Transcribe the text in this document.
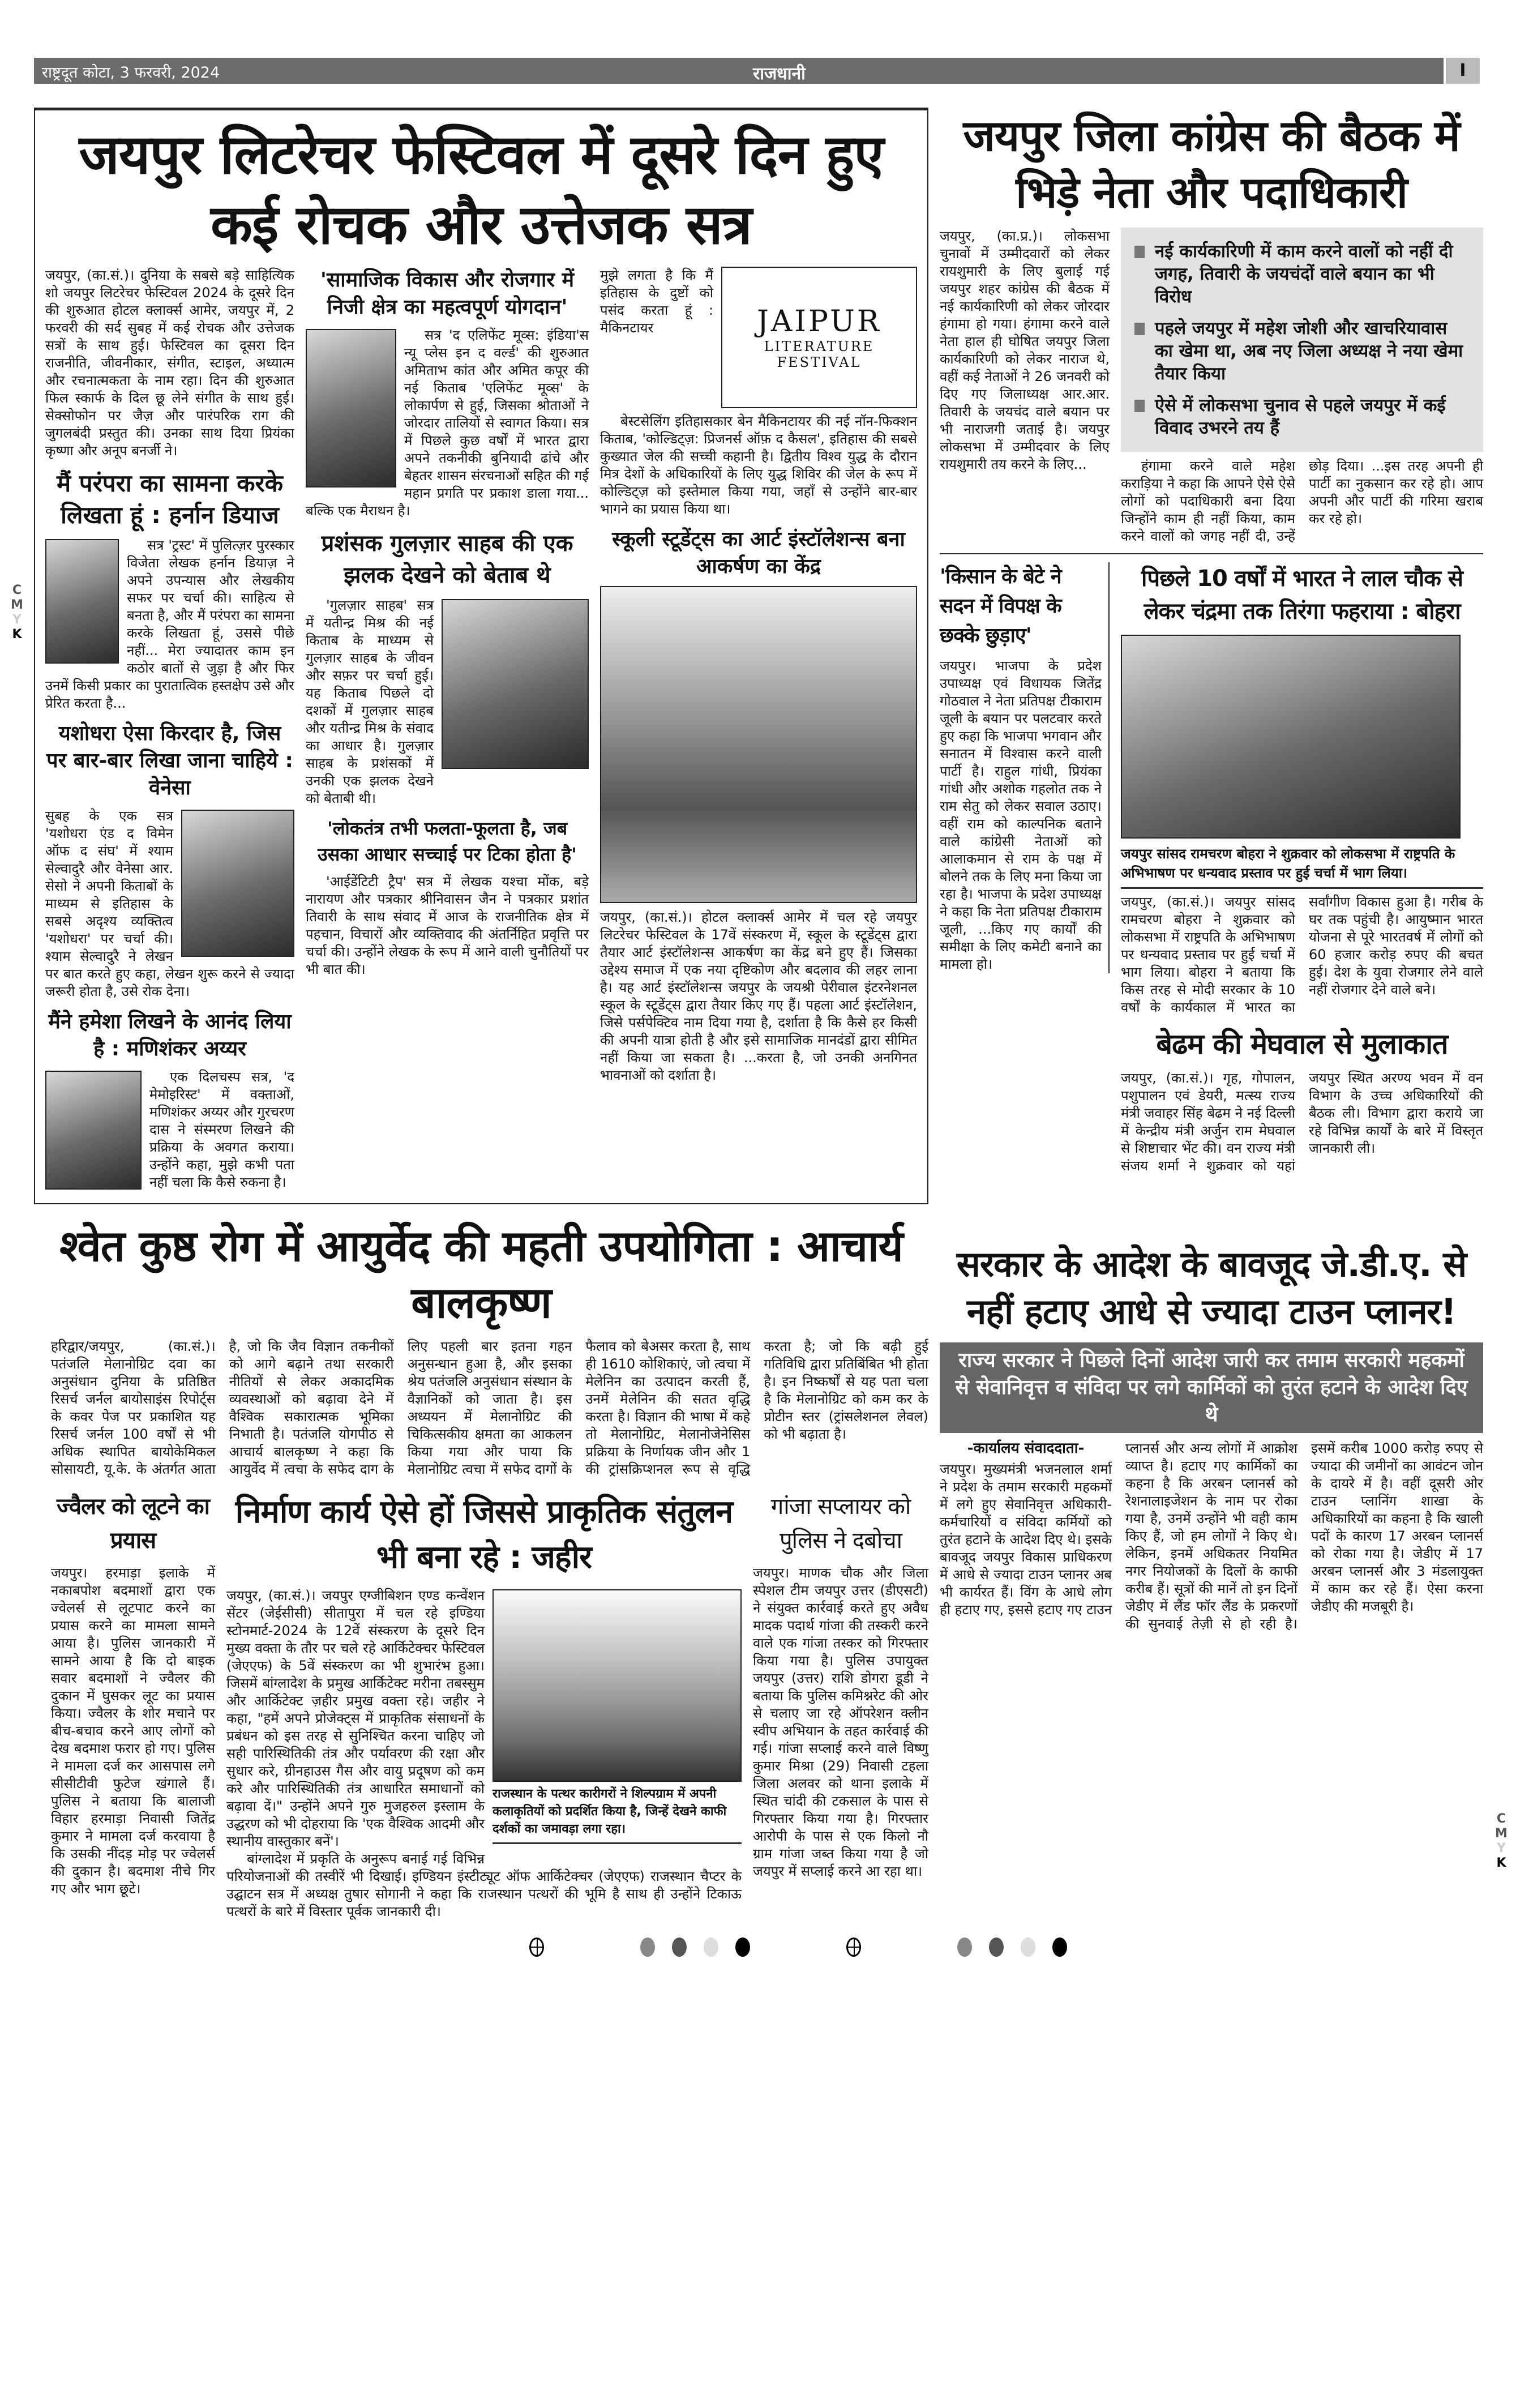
राष्ट्रदूत कोटा, 3 फरवरी, 2024	राजधानी	I
C
M
Y
K
C
M
Y
K
जयपुर लिटरेचर फेस्टिवल में दूसरे दिन हुए कई रोचक और उत्तेजक सत्र

जयपुर, (का.सं.)। दुनिया के सबसे बड़े साहित्यिक शो जयपुर लिटरेचर फेस्टिवल 2024 के दूसरे दिन की शुरुआत होटल क्लार्क्स आमेर, जयपुर में, 2 फरवरी की सर्द सुबह में कई रोचक और उत्तेजक सत्रों के साथ हुई। फेस्टिवल का दूसरा दिन राजनीति, जीवनीकार, संगीत, स्टाइल, अध्यात्म और रचनात्मकता के नाम रहा। दिन की शुरुआत फिल स्कार्फ के दिल छू लेने संगीत के साथ हुई। सेक्सोफोन पर जैज़ और पारंपरिक राग की जुगलबंदी प्रस्तुत की। उनका साथ दिया प्रियंका कृष्णा और अनूप बनर्जी ने।

मैं परंपरा का सामना करके लिखता हूं : हर्नान डियाज

सत्र 'ट्रस्ट' में पुलित्ज़र पुरस्कार विजेता लेखक हर्नान डियाज़ ने अपने उपन्यास और लेखकीय सफर पर चर्चा की। साहित्य से बनता है, और मैं परंपरा का सामना करके लिखता हूं, उससे पीछे नहीं... मेरा ज्यादातर काम इन कठोर बातों से जुड़ा है और फिर उनमें किसी प्रकार का पुरातात्विक हस्तक्षेप उसे और प्रेरित करता है...

यशोधरा ऐसा किरदार है, जिस पर बार-बार लिखा जाना चाहिये : वेनेसा

सुबह के एक सत्र 'यशोधरा एंड द विमेन ऑफ द संघ' में श्याम सेल्वादुरै और वेनेसा आर. सेसो ने अपनी किताबों के माध्यम से इतिहास के सबसे अदृश्य व्यक्तित्व 'यशोधरा' पर चर्चा की। श्याम सेल्वादुरै ने लेखन पर बात करते हुए कहा, लेखन शुरू करने से ज्यादा जरूरी होता है, उसे रोक देना।

मैंने हमेशा लिखने के आनंद लिया है : मणिशंकर अय्यर

एक दिलचस्प सत्र, 'द मेमोइरिस्ट' में वक्ताओं, मणिशंकर अय्यर और गुरचरण दास ने संस्मरण लिखने की प्रक्रिया के अवगत कराया। उन्होंने कहा, मुझे कभी पता नहीं चला कि कैसे रुकना है।

'सामाजिक विकास और रोजगार में निजी क्षेत्र का महत्वपूर्ण योगदान'

सत्र 'द एलिफेंट मूव्स: इंडिया'स न्यू प्लेस इन द वर्ल्ड' की शुरुआत अमिताभ कांत और अमित कपूर की नई किताब 'एलिफेंट मूव्स' के लोकार्पण से हुई, जिसका श्रोताओं ने जोरदार तालियों से स्वागत किया। सत्र में पिछले कुछ वर्षों में भारत द्वारा अपने तकनीकी बुनियादी ढांचे और बेहतर शासन संरचनाओं सहित की गई महान प्रगति पर प्रकाश डाला गया... बल्कि एक मैराथन है।

प्रशंसक गुलज़ार साहब की एक झलक देखने को बेताब थे

'गुलज़ार साहब' सत्र में यतीन्द्र मिश्र की नई किताब के माध्यम से गुलज़ार साहब के जीवन और सफ़र पर चर्चा हुई। यह किताब पिछले दो दशकों में गुलज़ार साहब और यतीन्द्र मिश्र के संवाद का आधार है। गुलज़ार साहब के प्रशंसकों में उनकी एक झलक देखने को बेताबी थी।

'लोकतंत्र तभी फलता-फूलता है, जब उसका आधार सच्चाई पर टिका होता है'

'आईडेंटिटी ट्रैप' सत्र में लेखक यश्चा मोंक, बड़े नारायण और पत्रकार श्रीनिवासन जैन ने पत्रकार प्रशांत तिवारी के साथ संवाद में आज के राजनीतिक क्षेत्र में पहचान, विचारों और व्यक्तिवाद की अंतर्निहित प्रवृत्ति पर चर्चा की। उन्होंने लेखक के रूप में आने वाली चुनौतियों पर भी बात की।

मुझे लगता है कि मैं इतिहास के दुष्टों को पसंद करता हूं : मैकिनटायर	JAIPUR
LITERATURE
FESTIVAL

बेस्टसेलिंग इतिहासकार बेन मैकिनटायर की नई नॉन-फिक्शन किताब, 'कोल्डिट्ज़: प्रिजनर्स ऑफ़ द कैसल', इतिहास की सबसे कुख्यात जेल की सच्ची कहानी है। द्वितीय विश्व युद्ध के दौरान मित्र देशों के अधिकारियों के लिए युद्ध शिविर की जेल के रूप में कोल्डिट्ज़ को इस्तेमाल किया गया, जहाँ से उन्होंने बार-बार भागने का प्रयास किया था।

स्कूली स्टूडेंट्स का आर्ट इंस्टॉलेशन्स बना आकर्षण का केंद्र

जयपुर, (का.सं.)। होटल क्लार्क्स आमेर में चल रहे जयपुर लिटरेचर फेस्टिवल के 17वें संस्करण में, स्कूल के स्टूडेंट्स द्वारा तैयार आर्ट इंस्टॉलेशन्स आकर्षण का केंद्र बने हुए हैं। जिसका उद्देश्य समाज में एक नया दृष्टिकोण और बदलाव की लहर लाना है। यह आर्ट इंस्टॉलेशन्स जयपुर के जयश्री पेरीवाल इंटरनेशनल स्कूल के स्टूडेंट्स द्वारा तैयार किए गए हैं। पहला आर्ट इंस्टॉलेशन, जिसे पर्सपेक्टिव नाम दिया गया है, दर्शाता है कि कैसे हर किसी की अपनी यात्रा होती है और इसे सामाजिक मानदंडों द्वारा सीमित नहीं किया जा सकता है। ...करता है, जो उनकी अनगिनत भावनाओं को दर्शाता है।

जयपुर जिला कांग्रेस की बैठक में भिड़े नेता और पदाधिकारी

जयपुर, (का.प्र.)। लोकसभा चुनावों में उम्मीदवारों को लेकर रायशुमारी के लिए बुलाई गई जयपुर शहर कांग्रेस की बैठक में नई कार्यकारिणी को लेकर जोरदार हंगामा हो गया। हंगामा करने वाले नेता हाल ही घोषित जयपुर जिला कार्यकारिणी को लेकर नाराज थे, वहीं कई नेताओं ने 26 जनवरी को दिए गए जिलाध्यक्ष आर.आर. तिवारी के जयचंद वाले बयान पर भी नाराजगी जताई है। जयपुर लोकसभा में उम्मीदवार के लिए रायशुमारी तय करने के लिए...

नई कार्यकारिणी में काम करने वालों को नहीं दी जगह, तिवारी के जयचंदों वाले बयान का भी विरोध
पहले जयपुर में महेश जोशी और खाचरियावास का खेमा था, अब नए जिला अध्यक्ष ने नया खेमा तैयार किया
ऐसे में लोकसभा चुनाव से पहले जयपुर में कई विवाद उभरने तय हैं

हंगामा करने वाले महेश कराड़िया ने कहा कि आपने ऐसे ऐसे लोगों को पदाधिकारी बना दिया जिन्होंने काम ही नहीं किया, काम करने वालों को जगह नहीं दी, उन्हें छोड़ दिया। ...इस तरह अपनी ही पार्टी का नुकसान कर रहे हो। आप अपनी और पार्टी की गरिमा खराब कर रहे हो।

'किसान के बेटे ने सदन में विपक्ष के छक्के छुड़ाए'

जयपुर। भाजपा के प्रदेश उपाध्यक्ष एवं विधायक जितेंद्र गोठवाल ने नेता प्रतिपक्ष टीकाराम जूली के बयान पर पलटवार करते हुए कहा कि भाजपा भगवान और सनातन में विश्वास करने वाली पार्टी है। राहुल गांधी, प्रियंका गांधी और अशोक गहलोत तक ने राम सेतु को लेकर सवाल उठाए। वहीं राम को काल्पनिक बताने वाले कांग्रेसी नेताओं को आलाकमान से राम के पक्ष में बोलने तक के लिए मना किया जा रहा है। भाजपा के प्रदेश उपाध्यक्ष ने कहा कि नेता प्रतिपक्ष टीकाराम जूली, ...किए गए कार्यों की समीक्षा के लिए कमेटी बनाने का मामला हो।

पिछले 10 वर्षों में भारत ने लाल चौक से लेकर चंद्रमा तक तिरंगा फहराया : बोहरा
जयपुर सांसद रामचरण बोहरा ने शुक्रवार को लोकसभा में राष्ट्रपति के अभिभाषण पर धन्यवाद प्रस्ताव पर हुई चर्चा में भाग लिया।

जयपुर, (का.सं.)। जयपुर सांसद रामचरण बोहरा ने शुक्रवार को लोकसभा में राष्ट्रपति के अभिभाषण पर धन्यवाद प्रस्ताव पर हुई चर्चा में भाग लिया। बोहरा ने बताया कि किस तरह से मोदी सरकार के 10 वर्षों के कार्यकाल में भारत का सर्वांगीण विकास हुआ है। गरीब के घर तक पहुंची है। आयुष्मान भारत योजना से पूरे भारतवर्ष में लोगों को 60 हजार करोड़ रुपए की बचत हुई। देश के युवा रोजगार लेने वाले नहीं रोजगार देने वाले बने।

बेढम की मेघवाल से मुलाकात

जयपुर, (का.सं.)। गृह, गोपालन, पशुपालन एवं डेयरी, मत्स्य राज्य मंत्री जवाहर सिंह बेढम ने नई दिल्ली में केन्द्रीय मंत्री अर्जुन राम मेघवाल से शिष्टाचार भेंट की। वन राज्य मंत्री संजय शर्मा ने शुक्रवार को यहां जयपुर स्थित अरण्य भवन में वन विभाग के उच्च अधिकारियों की बैठक ली। विभाग द्वारा कराये जा रहे विभिन्न कार्यों के बारे में विस्तृत जानकारी ली।

श्वेत कुष्ठ रोग में आयुर्वेद की महती उपयोगिता : आचार्य बालकृष्ण

हरिद्वार/जयपुर, (का.सं.)। पतंजलि मेलानोग्रिट दवा का अनुसंधान दुनिया के प्रतिष्ठित रिसर्च जर्नल बायोसाइंस रिपोर्ट्स के कवर पेज पर प्रकाशित यह रिसर्च जर्नल 100 वर्षों से भी अधिक स्थापित बायोकेमिकल सोसायटी, यू.के. के अंतर्गत आता है, जो कि जैव विज्ञान तकनीकों को आगे बढ़ाने तथा सरकारी नीतियों से लेकर अकादमिक व्यवस्थाओं को बढ़ावा देने में वैश्विक सकारात्मक भूमिका निभाती है। पतंजलि योगपीठ से आचार्य बालकृष्ण ने कहा कि आयुर्वेद में त्वचा के सफेद दाग के लिए पहली बार इतना गहन अनुसन्धान हुआ है, और इसका श्रेय पतंजलि अनुसंधान संस्थान के वैज्ञानिकों को जाता है। इस अध्ययन में मेलानोग्रिट की चिकित्सकीय क्षमता का आकलन किया गया और पाया कि मेलानोग्रिट त्वचा में सफेद दागों के फैलाव को बेअसर करता है, साथ ही 1610 कोशिकाएं, जो त्वचा में मेलेनिन का उत्पादन करती हैं, उनमें मेलेनिन की सतत वृद्धि करता है। विज्ञान की भाषा में कहे तो मेलानोग्रिट, मेलानोजेनेसिस प्रक्रिया के निर्णायक जीन और 1 की ट्रांसक्रिप्शनल रूप से वृद्धि करता है; जो कि बढ़ी हुई गतिविधि द्वारा प्रतिबिंबित भी होता है। इन निष्कर्षों से यह पता चला है कि मेलानोग्रिट को कम कर के प्रोटीन स्तर (ट्रांसलेशनल लेवल) को भी बढ़ाता है।

ज्वैलर को लूटने का प्रयास

जयपुर। हरमाड़ा इलाके में नकाबपोश बदमाशों द्वारा एक ज्वेलर्स से लूटपाट करने का प्रयास करने का मामला सामने आया है। पुलिस जानकारी में सामने आया है कि दो बाइक सवार बदमाशों ने ज्वैलर की दुकान में घुसकर लूट का प्रयास किया। ज्वैलर के शोर मचाने पर बीच-बचाव करने आए लोगों को देख बदमाश फरार हो गए। पुलिस ने मामला दर्ज कर आसपास लगे सीसीटीवी फुटेज खंगाले हैं। पुलिस ने बताया कि बालाजी विहार हरमाड़ा निवासी जितेंद्र कुमार ने मामला दर्ज करवाया है कि उसकी नींदड़ मोड़ पर ज्वेलर्स की दुकान है। बदमाश नीचे गिर गए और भाग छूटे।

निर्माण कार्य ऐसे हों जिससे प्राकृतिक संतुलन भी बना रहे : जहीर
राजस्थान के पत्थर कारीगरों ने शिल्पग्राम में अपनी कलाकृतियों को प्रदर्शित किया है, जिन्हें देखने काफी दर्शकों का जमावड़ा लगा रहा।

जयपुर, (का.सं.)। जयपुर एग्जीबिशन एण्ड कन्वेंशन सेंटर (जेईसीसी) सीतापुरा में चल रहे इण्डिया स्टोनमार्ट-2024 के 12वें संस्करण के दूसरे दिन मुख्य वक्ता के तौर पर चले रहे आर्किटेक्चर फेस्टिवल (जेएएफ) के 5वें संस्करण का भी शुभारंभ हुआ। जिसमें बांग्लादेश के प्रमुख आर्किटेक्ट मरीना तबस्सुम और आर्किटेक्ट ज़हीर प्रमुख वक्ता रहे। जहीर ने कहा, "हमें अपने प्रोजेक्ट्स में प्राकृतिक संसाधनों के प्रबंधन को इस तरह से सुनिश्चित करना चाहिए जो सही पारिस्थितिकी तंत्र और पर्यावरण की रक्षा और सुधार करे, ग्रीनहाउस गैस और वायु प्रदूषण को कम करे और पारिस्थितिकी तंत्र आधारित समाधानों को बढ़ावा दें।" उन्होंने अपने गुरु मुजहरुल इस्लाम के उद्धरण को भी दोहराया कि 'एक वैश्विक आदमी और स्थानीय वास्तुकार बनें'।

बांग्लादेश में प्रकृति के अनुरूप बनाई गई विभिन्न परियोजनाओं की तस्वीरें भी दिखाई। इण्डियन इंस्टीट्यूट ऑफ आर्किटेक्चर (जेएएफ) राजस्थान चैप्टर के उद्घाटन सत्र में अध्यक्ष तुषार सोगानी ने कहा कि राजस्थान पत्थरों की भूमि है साथ ही उन्होंने टिकाऊ पत्थरों के बारे में विस्तार पूर्वक जानकारी दी।

गांजा सप्लायर को पुलिस ने दबोचा

जयपुर। माणक चौक और जिला स्पेशल टीम जयपुर उत्तर (डीएसटी) ने संयुक्त कार्रवाई करते हुए अवैध मादक पदार्थ गांजा की तस्करी करने वाले एक गांजा तस्कर को गिरफ्तार किया गया है। पुलिस उपायुक्त जयपुर (उत्तर) राशि डोगरा डूडी ने बताया कि पुलिस कमिश्नरेट की ओर से चलाए जा रहे ऑपरेशन क्लीन स्वीप अभियान के तहत कार्रवाई की गई। गांजा सप्लाई करने वाले विष्णु कुमार मिश्रा (29) निवासी टहला जिला अलवर को थाना इलाके में स्थित चांदी की टकसाल के पास से गिरफ्तार किया गया है। गिरफ्तार आरोपी के पास से एक किलो नौ ग्राम गांजा जब्त किया गया है जो जयपुर में सप्लाई करने आ रहा था।

सरकार के आदेश के बावजूद जे.डी.ए. से नहीं हटाए आधे से ज्यादा टाउन प्लानर!
राज्य सरकार ने पिछले दिनों आदेश जारी कर तमाम सरकारी महकमों से सेवानिवृत्त व संविदा पर लगे कार्मिकों को तुरंत हटाने के आदेश दिए थे
-कार्यालय संवाददाता-

जयपुर। मुख्यमंत्री भजनलाल शर्मा ने प्रदेश के तमाम सरकारी महकमों में लगे हुए सेवानिवृत्त अधिकारी-कर्मचारियों व संविदा कर्मियों को तुरंत हटाने के आदेश दिए थे। इसके बावजूद जयपुर विकास प्राधिकरण में आधे से ज्यादा टाउन प्लानर अब भी कार्यरत हैं। विंग के आधे लोग ही हटाए गए, इससे हटाए गए टाउन प्लानर्स और अन्य लोगों में आक्रोश व्याप्त है। हटाए गए कार्मिकों का कहना है कि अरबन प्लानर्स को रेशनालाइजेशन के नाम पर रोका गया है, उनमें उन्होंने भी वही काम किए हैं, जो हम लोगों ने किए थे। लेकिन, इनमें अधिकतर नियमित नगर नियोजकों के दिलों के काफी करीब हैं। सूत्रों की मानें तो इन दिनों जेडीए में लैंड फॉर लैंड के प्रकरणों की सुनवाई तेज़ी से हो रही है। इसमें करीब 1000 करोड़ रुपए से ज्यादा की जमीनों का आवंटन जोन के दायरे में है। वहीं दूसरी ओर टाउन प्लानिंग शाखा के अधिकारियों का कहना है कि खाली पदों के कारण 17 अरबन प्लानर्स को रोका गया है। जेडीए में 17 अरबन प्लानर्स और 3 मंडलायुक्त में काम कर रहे हैं। ऐसा करना जेडीए की मजबूरी है।
